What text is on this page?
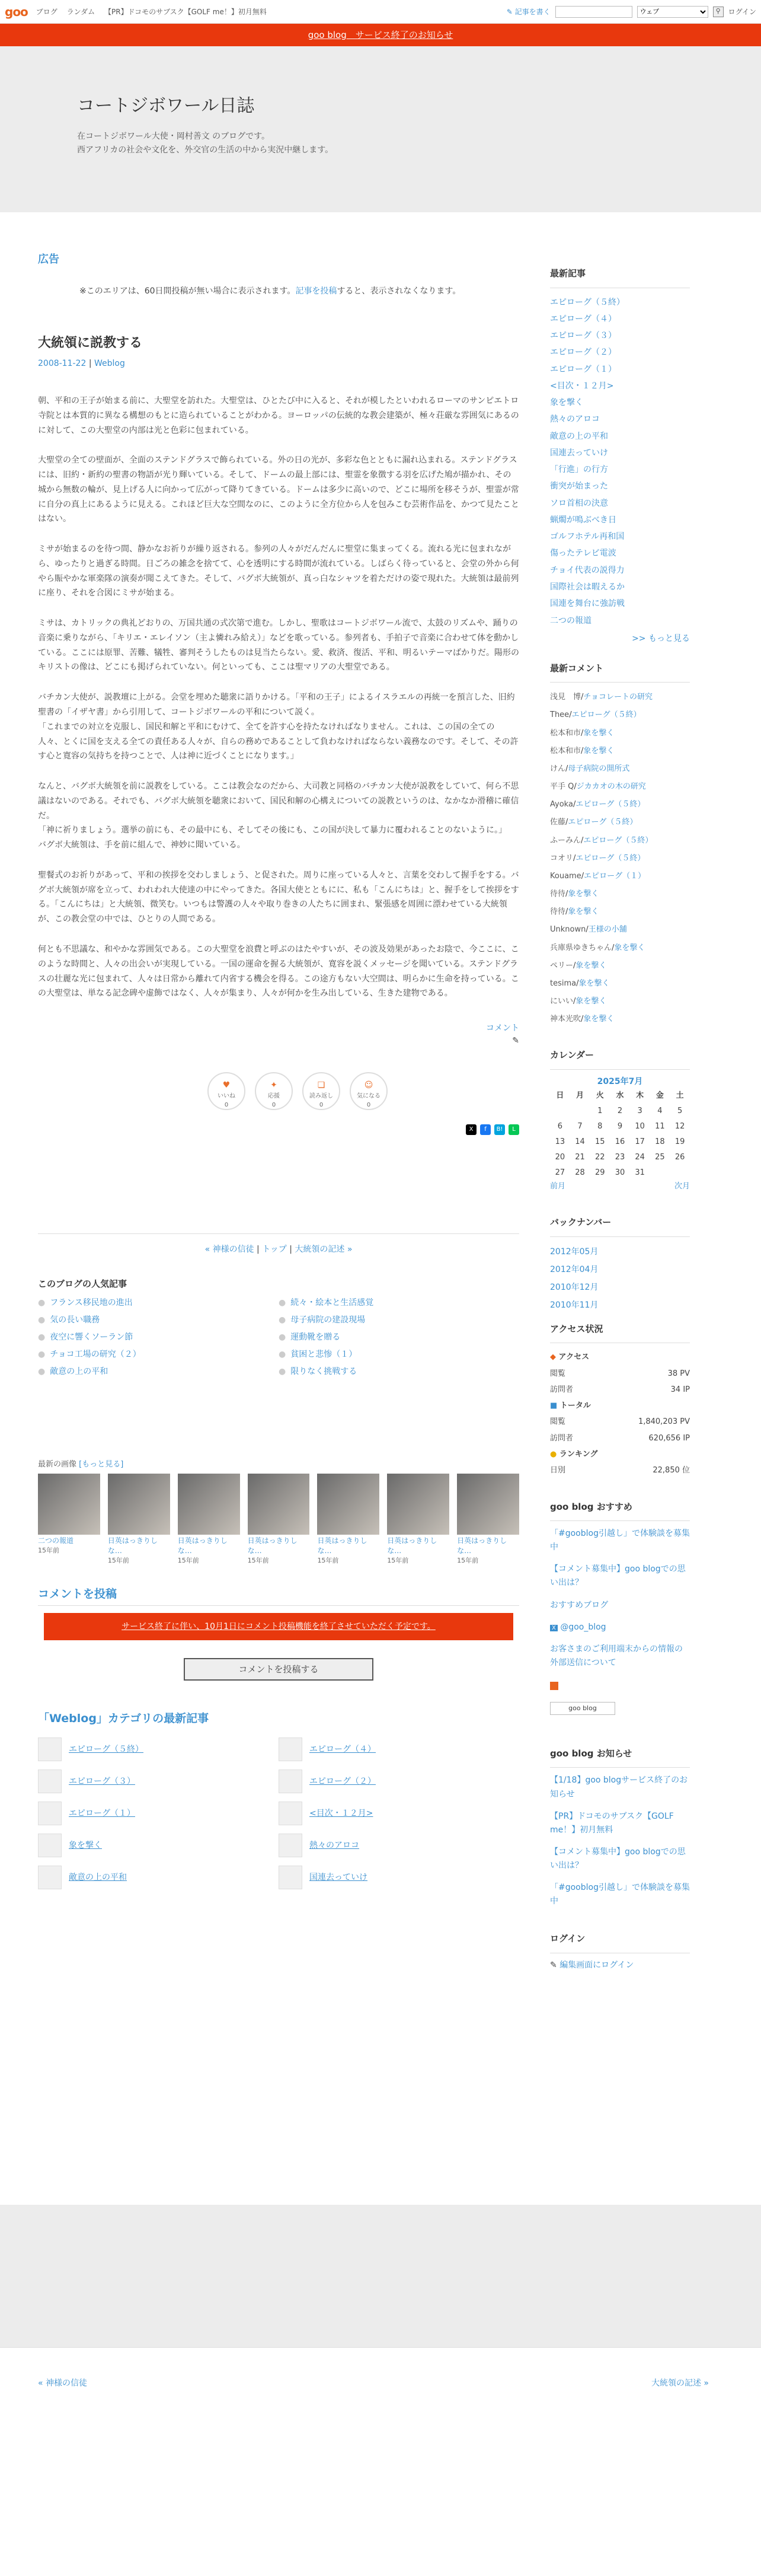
goo ブログ ランダム 【PR】ドコモのサブスク【GOLF me！】初月無料	✎ 記事を書く
ウェブ	⚲	ログイン
goo blog　サービス終了のお知らせ
コートジボワール日誌

在コートジボワール大使・岡村善文 のブログです。

西アフリカの社会や文化を、外交官の生活の中から実況中継します。

広告
※このエリアは、60日間投稿が無い場合に表示されます。記事を投稿すると、表示されなくなります。
大統領に説教する
2008-11-22 | Weblog

朝、平和の王子が始まる前に、大聖堂を訪れた。大聖堂は、ひとたび中に入ると、それが模したといわれるローマのサンピエトロ寺院とは本質的に異なる構想のもとに造られていることがわかる。ヨーロッパの伝統的な教会建築が、極々荘厳な雰囲気にあるのに対して、この大聖堂の内部は光と色彩に包まれている。

大聖堂の全ての壁面が、全面のステンドグラスで飾られている。外の日の光が、多彩な色とともに漏れ込まれる。ステンドグラスには、旧約・新約の聖書の物語が光り輝いている。そして、ドームの最上部には、聖霊を象徴する羽を広げた鳩が描かれ、その城から無数の輪が、見上げる人に向かって広がって降りてきている。ドームは多少に高いので、どこに場所を移そうが、聖霊が常に自分の真上にあるように見える。これほど巨大な空間なのに、このように全方位から人を包みこむ芸術作品を、かつて見たことはない。

ミサが始まるのを待つ間、静かなお祈りが繰り返される。参列の人々がだんだんに聖堂に集まってくる。流れる光に包まれながら、ゆったりと過ぎる時間。日ごろの雑念を捨てて、心を透明にする時間が流れている。しばらく待っていると、会堂の外から何やら賑やかな軍楽隊の演奏が聞こえてきた。そして、バグボ大統領が、真っ白なシャツを着ただけの姿で現れた。大統領は最前列に座り、それを合図にミサが始まる。

ミサは、カトリックの典礼どおりの、万国共通の式次第で進む。しかし、聖歌はコートジボワール流で、太鼓のリズムや、踊りの音楽に乗りながら、「キリエ・エレイソン（主よ憐れみ給え）」などを歌っている。参列者も、手拍子で音楽に合わせて体を動かしている。ここには原罪、苦難、犠牲、審判そうしたものは見当たらない。愛、救済、復活、平和、明るいテーマばかりだ。陽形のキリストの像は、どこにも掲げられていない。何といっても、ここは聖マリアの大聖堂である。

バチカン大使が、説教壇に上がる。会堂を埋めた聴衆に語りかける。「平和の王子」によるイスラエルの再統一を預言した、旧約聖書の「イザヤ書」から引用して、コートジボワールの平和について説く。
「これまでの対立を克服し、国民和解と平和にむけて、全てを許す心を持たなければなりません。これは、この国の全ての人々、とくに国を支える全ての責任ある人々が、自らの務めであることして負わなければならない義務なのです。そして、その許す心と寛容の気持ちを持つことで、人は神に近づくことになります。」

なんと、バグボ大統領を前に説教をしている。ここは教会なのだから、大司教と同格のバチカン大使が説教をしていて、何ら不思議はないのである。それでも、バグボ大統領を聴衆において、国民和解の心構えについての説教というのは、なかなか滑稽に確信だ。
「神に祈りましょう。選挙の前にも、その最中にも、そしてその後にも、この国が決して暴力に覆われることのないように。」
バグボ大統領は、手を前に組んで、神妙に聞いている。

聖餐式のお祈りがあって、平和の挨拶を交わしましょう、と促された。周りに座っている人々と、言葉を交わして握手をする。バグボ大統領が席を立って、われわれ大使達の中にやってきた。各国大使とともにに、私も「こんにちは」と、握手をして挨拶をする。「こんにちは」と大統領、微笑む。いつもは警護の人々や取り巻きの人たちに囲まれ、緊張感を周囲に漂わせている大統領が、この教会堂の中では、ひとりの人間である。

何とも不思議な、和やかな雰囲気である。この大聖堂を浪費と呼ぶのはたやすいが、その波及効果があったお陰で、今ここに、このような時間と、人々の出会いが実現している。一国の運命を握る大統領が、寛容を説くメッセージを聞いている。ステンドグラスの壮麗な光に包まれて、人々は日常から離れて内省する機会を得る。この途方もない大空間は、明らかに生命を持っている。この大聖堂は、単なる記念碑や虚飾ではなく、人々が集まり、人々が何かを生み出している、生きた建物である。

コメント
✎
♥
いいね
0
✦
応援
0
❏
読み返し
0
☺
気になる
0
X	f	B!	L
« 神様の信徒 | トップ | 大統領の記述 »
このブログの人気記事
● フランス移民地の進出	● 続々・絵本と生活感覚
● 気の長い職務	● 母子病院の建設現場
● 夜空に響くソーラン節	● 運動靴を贈る
● チョコ工場の研究（２）	● 貧困と悲惨（１）
● 敵意の上の平和	● 限りなく挑戦する
最新の画像 [もっと見る]
二つの報道
15年前
日英はっきりしな…
15年前
日英はっきりしな…
15年前
日英はっきりしな…
15年前
日英はっきりしな…
15年前
日英はっきりしな…
15年前
日英はっきりしな…
15年前
コメントを投稿
サービス終了に伴い、10月1日にコメント投稿機能を終了させていただく予定です。
コメントを投稿する
「Weblog」カテゴリの最新記事
エピローグ（５終）	エピローグ（４）
エピローグ（３）	エピローグ（２）
エピローグ（１）	<目次・１２月>
象を撃く	熱々のアロコ
敵意の上の平和	国連去っていけ
最新記事
エピローグ（５終）
エピローグ（４）
エピローグ（３）
エピローグ（２）
エピローグ（１）
<目次・１２月>
象を撃く
熱々のアロコ
敵意の上の平和
国連去っていけ
「行進」の行方
衝突が始まった
ソロ首相の決意
蝋燭が鳴ぶべき日
ゴルフホテル再和国
傷ったテレビ電波
チョイ代表の説得力
国際社会は暇えるか
国連を舞台に強訪戦
二つの報道
>> もっと見る
最新コメント
浅見　博/チョコレートの研究
Thee/エピローグ（５終）
松本和市/象を撃く
松本和市/象を撃く
けん/母子病院の開所式
平手 Q/ジカカオの木の研究
Ayoka/エピローグ（５終）
佐藤/エピローグ（５終）
ふーみん/エピローグ（５終）
コオリ/エピローグ（５終）
Kouame/エピローグ（１）
待待/象を撃く
待待/象を撃く
Unknown/王様の小舗
兵庫県ゆきちゃん/象を撃く
ペリー/象を撃く
tesima/象を撃く
にいい/象を撃く
神本光吹/象を撃く
カレンダー
2025年7月
日	月	火	水	木	金	土
		1	2	3	4	5
6	7	8	9	10	11	12
13	14	15	16	17	18	19
20	21	22	23	24	25	26
27	28	29	30	31		
前月	次月
バックナンバー
2012年05月
2012年04月
2010年12月
2010年11月
アクセス状況
◆ アクセス
閲覧	38 PV
訪問者	34 IP
■ トータル
閲覧	1,840,203 PV
訪問者	620,656 IP
● ランキング
日別	22,850 位
goo blog おすすめ
「#gooblog引越し」で体験談を募集中
【コメント募集中】goo blogでの思い出は？
おすすめブログ
X @goo_blog
お客さまのご利用端末からの情報の外部送信について
goo blog
goo blog お知らせ
【1/18】goo blogサービス終了のお知らせ
【PR】ドコモのサブスク【GOLF me！】初月無料
【コメント募集中】goo blogでの思い出は？
「#gooblog引越し」で体験談を募集中
ログイン
✎ 編集画面にログイン
« 神様の信徒	大統領の記述 »
